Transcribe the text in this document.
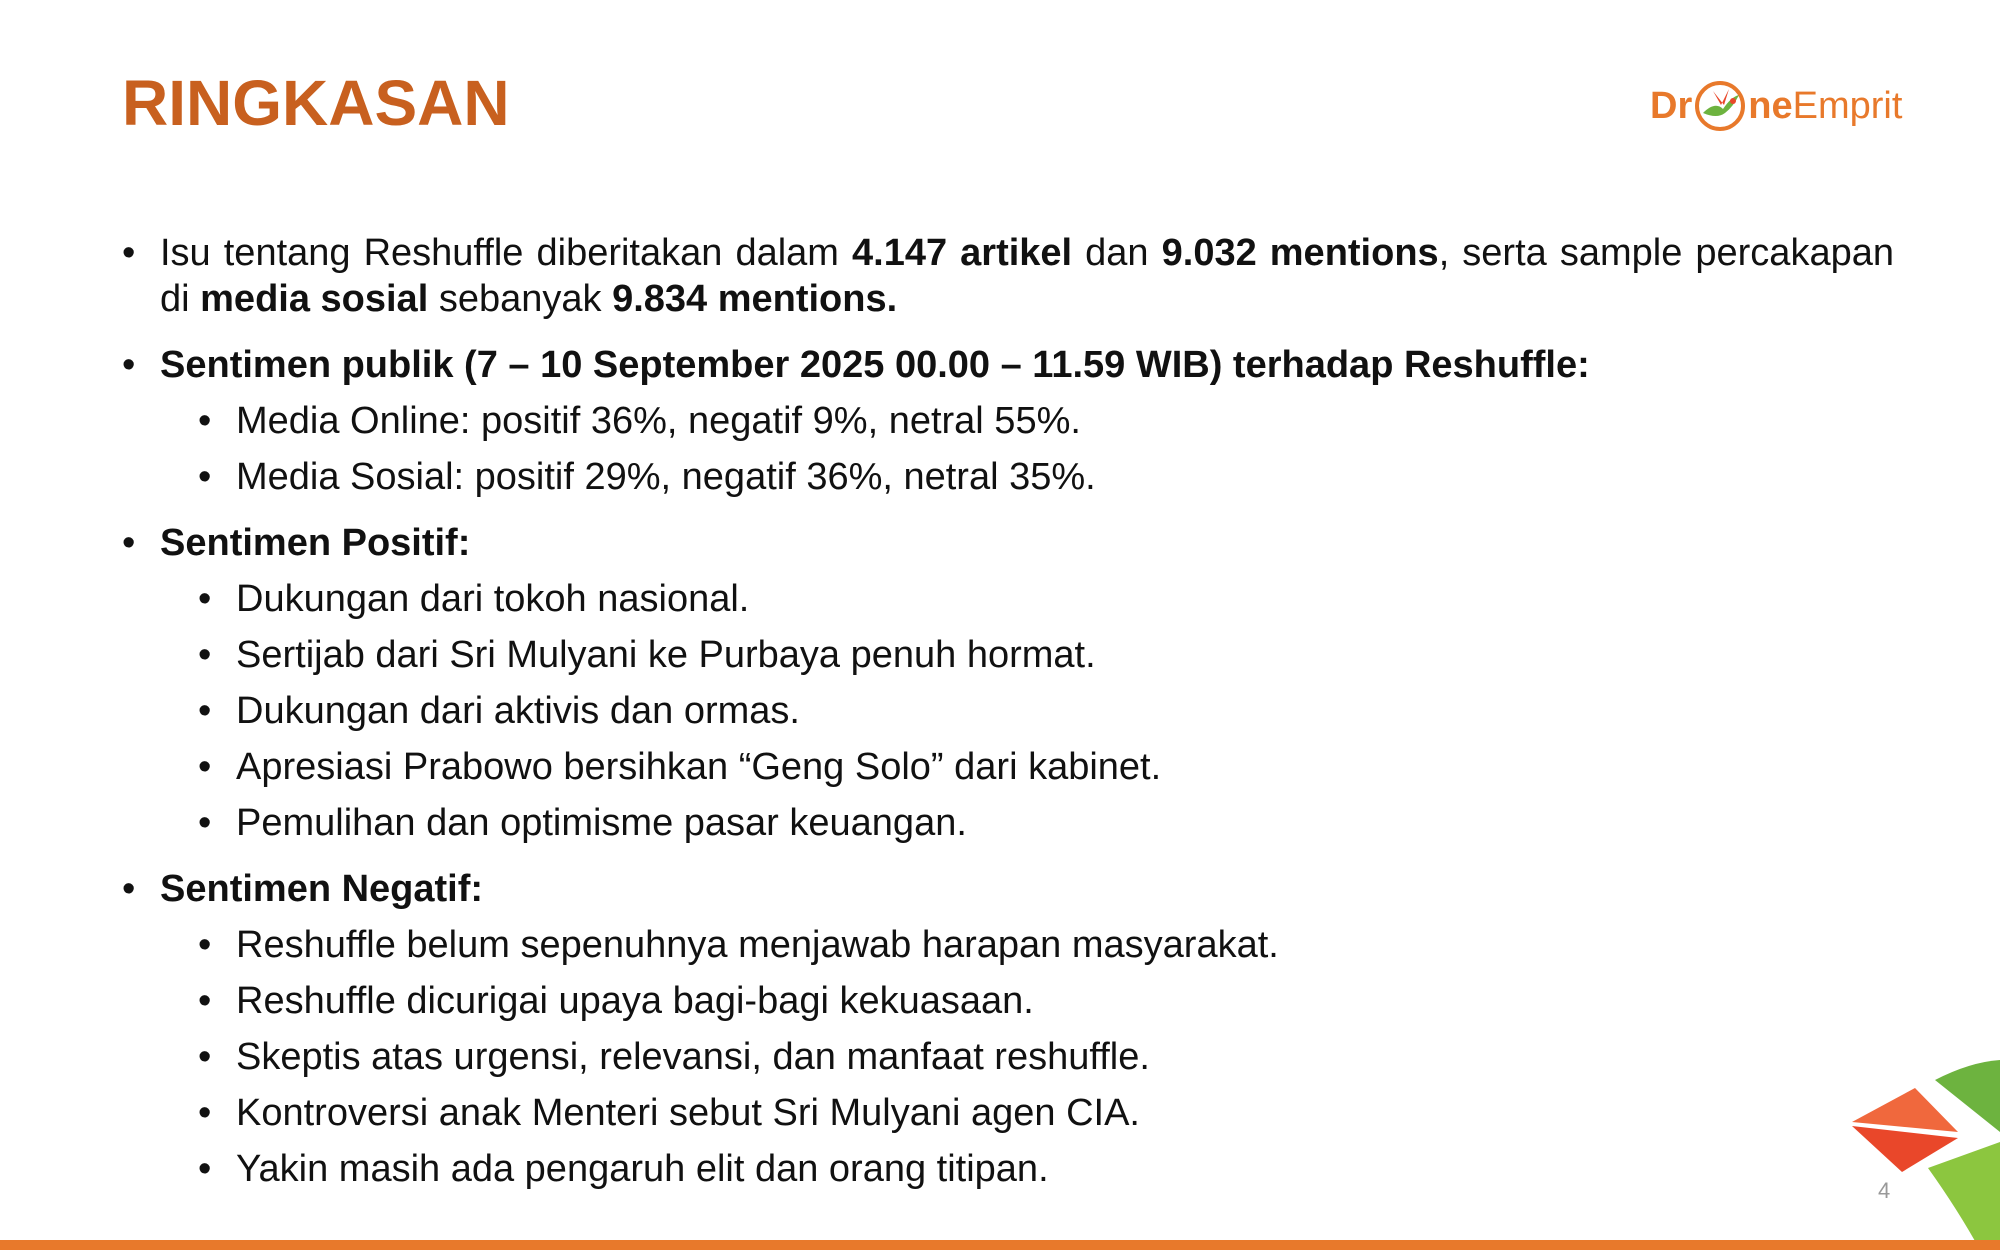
RINGKASAN	Dr ne Emprit
• Isu tentang Reshuffle diberitakan dalam 4.147 artikel dan 9.032 mentions, serta sample percakapan di media sosial sebanyak 9.834 mentions.
• Sentimen publik (7 – 10 September 2025 00.00 – 11.59 WIB) terhadap Reshuffle:
• Media Online: positif 36%, negatif 9%, netral 55%.
• Media Sosial: positif 29%, negatif 36%, netral 35%.
• Sentimen Positif:
• Dukungan dari tokoh nasional.
• Sertijab dari Sri Mulyani ke Purbaya penuh hormat.
• Dukungan dari aktivis dan ormas.
• Apresiasi Prabowo bersihkan “Geng Solo” dari kabinet.
• Pemulihan dan optimisme pasar keuangan.
• Sentimen Negatif:
• Reshuffle belum sepenuhnya menjawab harapan masyarakat.
• Reshuffle dicurigai upaya bagi-bagi kekuasaan.
• Skeptis atas urgensi, relevansi, dan manfaat reshuffle.
• Kontroversi anak Menteri sebut Sri Mulyani agen CIA.
• Yakin masih ada pengaruh elit dan orang titipan.
4
